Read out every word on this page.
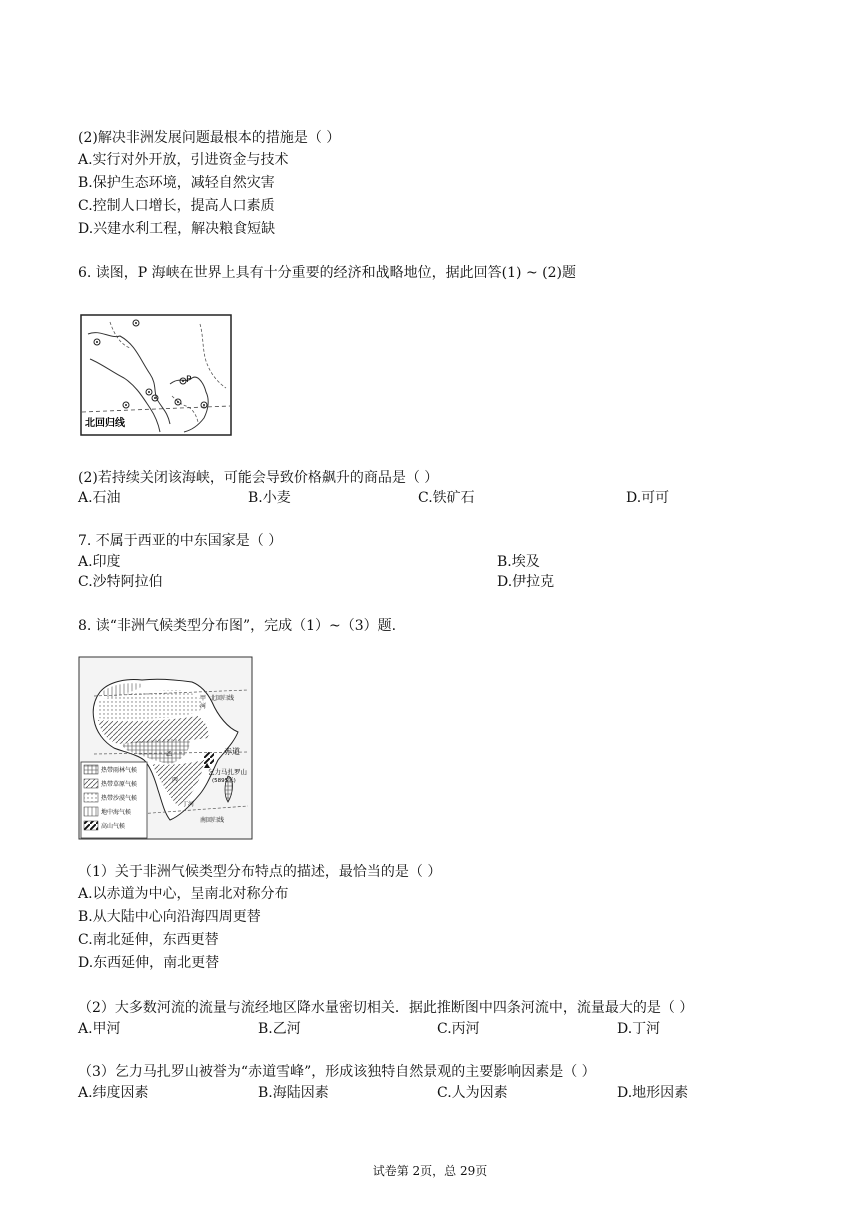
(2)解决非洲发展问题最根本的措施是（ ）
A.实行对外开放，引进资金与技术
B.保护生态环境，减轻自然灾害
C.控制人口增长，提高人口素质
D.兴建水利工程，解决粮食短缺
6. 读图，P 海峡在世界上具有十分重要的经济和战略地位，据此回答(1) ~ (2)题
P
北回归线
(2)若持续关闭该海峡，可能会导致价格飙升的商品是（ ）
A.石油	B.小麦	C.铁矿石	D.可可
7. 不属于西亚的中东国家是（ ）
A.印度	B.埃及
C.沙特阿拉伯	D.伊拉克
8. 读“非洲气候类型分布图”，完成（1）~（3）题.
北回归线
赤道
南回归线
甲
河
乙
丙
丁河
乞力马扎罗山
(5895米)
热带雨林气候
热带草原气候
热带沙漠气候
地中海气候
高山气候
（1）关于非洲气候类型分布特点的描述，最恰当的是（ ）
A.以赤道为中心，呈南北对称分布
B.从大陆中心向沿海四周更替
C.南北延伸，东西更替
D.东西延伸，南北更替
（2）大多数河流的流量与流经地区降水量密切相关．据此推断图中四条河流中，流量最大的是（ ）
A.甲河	B.乙河	C.丙河	D.丁河
（3）乞力马扎罗山被誉为“赤道雪峰”，形成该独特自然景观的主要影响因素是（ ）
A.纬度因素	B.海陆因素	C.人为因素	D.地形因素
试卷第 2页，总 29页
